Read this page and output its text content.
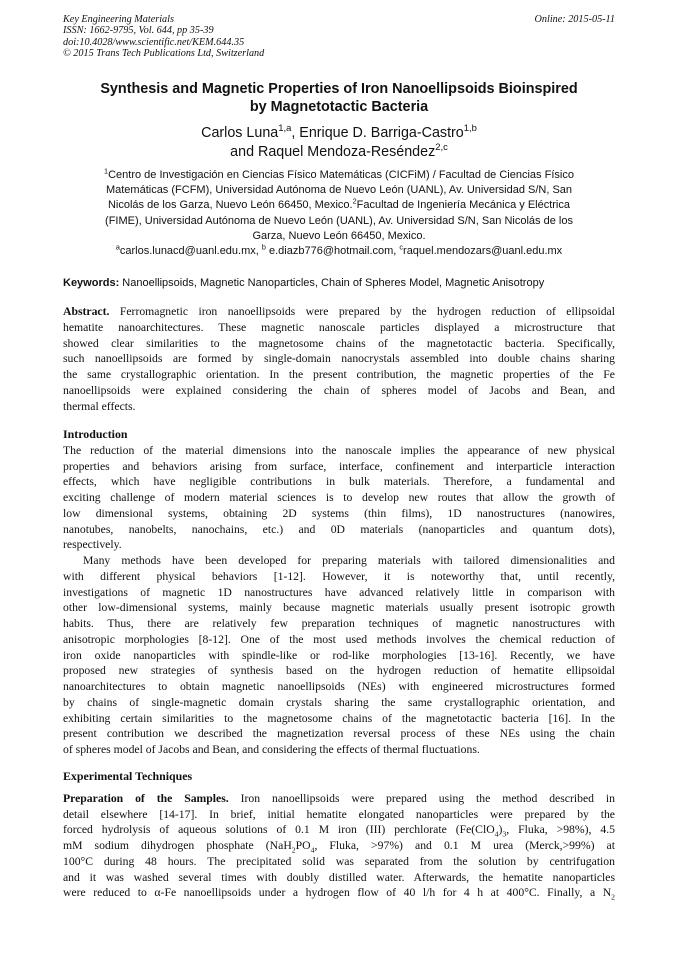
Key Engineering Materials
ISSN: 1662-9795, Vol. 644, pp 35-39
doi:10.4028/www.scientific.net/KEM.644.35
© 2015 Trans Tech Publications Ltd, Switzerland
Online: 2015-05-11
Synthesis and Magnetic Properties of Iron Nanoellipsoids Bioinspired
by Magnetotactic Bacteria
Carlos Luna$^{1,a}$, Enrique D. Barriga-Castro$^{1,b}$
and Raquel Mendoza-Reséndez$^{2,c}$
$^1$Centro de Investigación en Ciencias Físico Matemáticas (CICFiM) / Facultad de Ciencias Físico
Matemáticas (FCFM), Universidad Autónoma de Nuevo León (UANL), Av. Universidad S/N, San
Nicolás de los Garza, Nuevo León 66450, Mexico.$^2$Facultad de Ingeniería Mecánica y Eléctrica
(FIME), Universidad Autónoma de Nuevo León (UANL), Av. Universidad S/N, San Nicolás de los
Garza, Nuevo León 66450, Mexico.
$^a$carlos.lunacd@uanl.edu.mx, $^b$ e.diazb776@hotmail.com, $^c$raquel.mendozars@uanl.edu.mx
Keywords: Nanoellipsoids, Magnetic Nanoparticles, Chain of Spheres Model, Magnetic Anisotropy
Abstract. Ferromagnetic iron nanoellipsoids were prepared by the hydrogen reduction of ellipsoidal
hematite nanoarchitectures. These magnetic nanoscale particles displayed a microstructure that
showed clear similarities to the magnetosome chains of the magnetotactic bacteria. Specifically,
such nanoellipsoids are formed by single-domain nanocrystals assembled into double chains sharing
the same crystallographic orientation. In the present contribution, the magnetic properties of the Fe
nanoellipsoids were explained considering the chain of spheres model of Jacobs and Bean, and
thermal effects.
Introduction
The reduction of the material dimensions into the nanoscale implies the appearance of new physical
properties and behaviors arising from surface, interface, confinement and interparticle interaction
effects, which have negligible contributions in bulk materials. Therefore, a fundamental and
exciting challenge of modern material sciences is to develop new routes that allow the growth of
low dimensional systems, obtaining 2D systems (thin films), 1D nanostructures (nanowires,
nanotubes, nanobelts, nanochains, etc.) and 0D materials (nanoparticles and quantum dots),
respectively.
Many methods have been developed for preparing materials with tailored dimensionalities and
with different physical behaviors [1-12]. However, it is noteworthy that, until recently,
investigations of magnetic 1D nanostructures have advanced relatively little in comparison with
other low-dimensional systems, mainly because magnetic materials usually present isotropic growth
habits. Thus, there are relatively few preparation techniques of magnetic nanostructures with
anisotropic morphologies [8-12]. One of the most used methods involves the chemical reduction of
iron oxide nanoparticles with spindle-like or rod-like morphologies [13-16]. Recently, we have
proposed new strategies of synthesis based on the hydrogen reduction of hematite ellipsoidal
nanoarchitectures to obtain magnetic nanoellipsoids (NEs) with engineered microstructures formed
by chains of single-magnetic domain crystals sharing the same crystallographic orientation, and
exhibiting certain similarities to the magnetosome chains of the magnetotactic bacteria [16]. In the
present contribution we described the magnetization reversal process of these NEs using the chain
of spheres model of Jacobs and Bean, and considering the effects of thermal fluctuations.
Experimental Techniques
Preparation of the Samples. Iron nanoellipsoids were prepared using the method described in
detail elsewhere [14-17]. In brief, initial hematite elongated nanoparticles were prepared by the
forced hydrolysis of aqueous solutions of 0.1 M iron (III) perchlorate ($Fe(ClO_4)_3$, Fluka, >98%), 4.5
mM sodium dihydrogen phosphate ($NaH_2PO_4$, Fluka, >97%) and 0.1 M urea (Merck,>99%) at
100°C during 48 hours. The precipitated solid was separated from the solution by centrifugation
and it was washed several times with doubly distilled water. Afterwards, the hematite nanoparticles
were reduced to α-Fe nanoellipsoids under a hydrogen flow of 40 l/h for 4 h at 400°C. Finally, a $N_2$
